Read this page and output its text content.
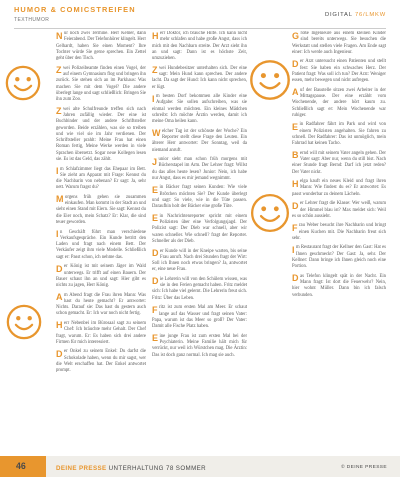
HUMOR & COMICSTREIFEN
TEXTHUMOR
DIGITAL 76/LMKW

Nur noch zwei Termine. Herr Kemer, dann Feierabend. Der Telefonhörer klingelt. Herr Gelhardt, haben Sie einen Moment? Ihre Tochter würde Sie gerne sprechen. Ein Zettel geht über den Tisch.

Zwei Polizeibeamte finden einen Vogel, der auf einem Gymnasium flog und bringen ihn zurück. Sie stehen sich an im Parkhaus: Was machen Sie mit dem Vogel? Die andere überlegt lange und sagt schließlich: Bringen Sie ihn zum Zoo.

Zwei alte Schulfreunde treffen sich nach Jahren zufällig wieder. Der eine ist Buchbinder und der andere Schriftsteller geworden. Beide erzählen, was sie so treiben und wie viel sie im Jahr verdienen. Der Schriftsteller prahlt: Meine Frau hat einen Roman fertig, Meine Werke werden in viele Sprachen übersetzt. Sogar neue Kollegen lesen sie. Es ist das Geld, das zählt.

Im Schlafzimmer liegt das Ehepaar im Bett. Sie zieht am Apparat mit Frage: Kennst du die Nachbarin von nebenan? Er sagt: Ja, sehr nett. Warum fragst du?

Morgens früh gehen sie zusammen einkaufen. Man kommt in der Stadt an und sieht einen Stand mit Eiern. Sie sagt: Kennst du die Eier noch, mein Schatz? Er: Klar, die sind teuer geworden.

In Geschäft führt man verschiedene Verkaufsgespräche. Ein Kunde betritt den Laden und fragt nach einem Bett. Der Verkäufer zeigt ihm viele Modelle. Schließlich sagt er: Passt schon, ich nehme das.

Der König ist mit seinem Jäger im Wald unterwegs. Er trifft auf einen Bauern. Der Bauer schaut ihn an und sagt: Hier gibt es nichts zu jagen, Herr König.

Am Abend fragt die Frau ihren Mann: Was hast du heute gemacht? Er antwortet: Nichts. Darauf sie: Das hast du gestern auch schon gemacht. Er: Ich war noch nicht fertig.

Herr Nebenbei im Bürosaal sagt zu seinem Chef: Ich bräuchte mehr Gehalt. Der Chef fragt, warum. Er: Es haben sich drei andere Firmen für mich interessiert.

Der Onkel zu seinem Enkel: Du darfst die Schokolade haben, wenn du mir sagst, wer die Welt erschaffen hat. Der Enkel antwortet prompt.

Herr Doktor, ich brauche Hilfe. Ich kann nicht mehr schlafen und habe große Angst, dass ich mich mit den Nachbarn streite. Der Arzt sieht ihn an und sagt: Dann ist es höchste Zeit, umzuziehen.

Zwei Hundebesitzer unterhalten sich. Der eine sagt: Mein Hund kann sprechen. Der andere lacht. Da sagt der Hund: Ich kann nicht sprechen, er lügt.

Im besten Dorf bekommen alle Kinder eine Aufgabe: Sie sollen aufschreiben, was sie einmal werden möchten. Ein kleines Mädchen schreibt: Ich möchte Ärztin werden, damit ich meine Oma heilen kann.

Welcher Tag ist der schönste der Woche? Ein Reporter stellt diese Frage den Leuten. Ein älterer Herr antwortet: Der Sonntag, weil da niemand anruft.

Junior sieht man schon früh morgens mit Bücherstapel im Arm. Der Lehrer fragt: Willst du das alles heute lesen? Junior: Nein, ich habe nur Angst, dass es mir jemand wegnimmt.

Ein Bäcker fragt seinen Kunden: Wie viele Brötchen möchten Sie? Der Kunde überlegt und sagt: So viele, wie in die Tüte passen. Daraufhin holt der Bäcker eine große Tüte.

Ein Nachrichtenreporter spricht mit einem Polizisten über eine Verfolgungsjagd. Der Polizist sagt: Der Dieb war schnell, aber wir waren schneller. Wie schnell? fragt der Reporter. Schneller als der Dieb.

Der Kunde will in der Kneipe warten, bis seine Frau anruft. Nach drei Stunden fragt der Wirt: Soll ich Ihnen noch etwas bringen? Ja, antwortet er, eine neue Frau.

Die Lehrerin will von den Schülern wissen, was sie in den Ferien gemacht haben. Fritz meldet sich: Ich habe viel gelernt. Die Lehrerin freut sich. Fritz: Über das Leben.

Fritz ist zum ersten Mal am Meer. Er schaut lange auf das Wasser und fragt seinen Vater: Papa, warum ist das Meer so groß? Der Vater: Damit alle Fische Platz haben.

Eine junge Frau ist zum ersten Mal bei der Psychiaterin. Meine Familie hält mich für verrückt, nur weil ich Würstchen mag. Die Ärztin: Das ist doch ganz normal. Ich mag sie auch.

Große Ingenieure aus einem kleinen Kinder sind bereits unterwegs. Sie besuchen die Werkstatt und stellen viele Fragen. Am Ende sagt einer: Ich werde auch Ingenieur.

Der Arzt untersucht einen Patienten und stellt fest: Sie haben ein schwaches Herz. Der Patient fragt: Was soll ich tun? Der Arzt: Weniger essen, mehr bewegen und nicht aufregen.

Auf der Baustelle sitzen zwei Arbeiter in der Mittagspause. Der eine erzählt vom Wochenende, der andere hört kaum zu. Schließlich sagt er: Mein Wochenende war ruhiger.

Ein Radfahrer fährt im Park und wird von einem Polizisten angehalten. Sie fahren zu schnell. Der Radfahrer: Das ist unmöglich, mein Fahrrad hat keinen Tacho.

Bernd will mit seinem Vater angeln gehen. Der Vater sagt: Aber nur, wenn du still bist. Nach einer Stunde fragt Bernd: Darf ich jetzt reden? Der Vater nickt.

Helga kauft ein neues Kleid und fragt ihren Mann: Wie findest du es? Er antwortet: Es passt wunderbar zu deinem Lächeln.

Der Lehrer fragt die Klasse: Wer weiß, warum der Himmel blau ist? Max meldet sich: Weil es so schön aussieht.

Frau Weber besucht ihre Nachbarin und bringt einen Kuchen mit. Die Nachbarin freut sich sehr.

Im Restaurant fragt der Kellner den Gast: Hat es Ihnen geschmeckt? Der Gast: Ja, sehr. Der Kellner: Dann bringe ich Ihnen gleich noch eine Portion.

Das Telefon klingelt spät in der Nacht. Ein Mann fragt: Ist dort die Feuerwehr? Nein, hier wohnt Müller. Dann bin ich falsch verbunden.

46	DEINE PRESSE UNTERHALTUNG 78 SOMMER	© DEINE PRESSE
